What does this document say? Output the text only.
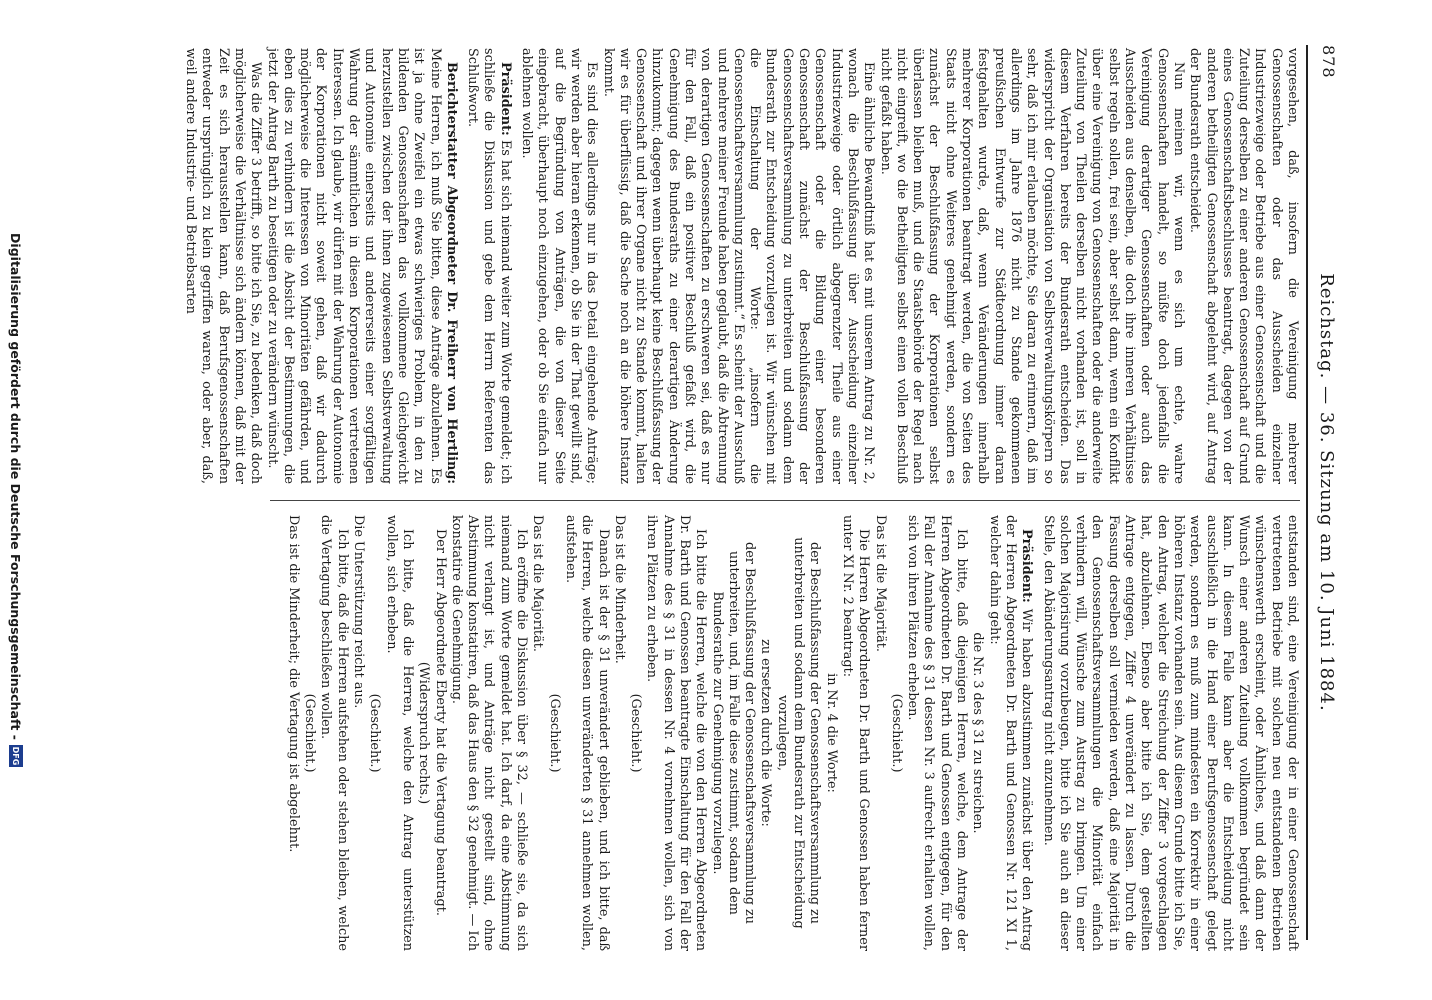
878
Reichstag. — 36. Sitzung am 10. Juni 1884.

vorgesehen, daß, insofern die Vereinigung mehrerer Genossenschaften oder das Ausscheiden einzelner Industriezweige oder Betriebe aus einer Genossenschaft und die Zuteilung derselben zu einer anderen Genossenschaft auf Grund eines Genossenschaftsbeschlusses beantragt, dagegen von der anderen betheiligten Genossenschaft abgelehnt wird, auf Antrag der Bundesrath entscheidet.

Nun meinen wir, wenn es sich um echte, wahre Genossenschaften handelt, so müßte doch jedenfalls die Vereinigung derartiger Genossenschaften oder auch das Ausscheiden aus denselben, die doch ihre inneren Verhältnisse selbst regeln sollen, frei sein, aber selbst dann, wenn ein Konflikt über eine Vereinigung von Genossenschaften oder die anderweite Zuteilung von Theilen derselben nicht vorhanden ist, soll in diesem Verfahren bereits der Bundesrath entscheiden. Das widerspricht der Organisation von Selbstverwaltungskörpern so sehr, daß ich mir erlauben möchte, Sie daran zu erinnern, daß im allerdings im Jahre 1876 nicht zu Stande gekommenen preußischen Entwurfe zur Städteordnung immer daran festgehalten wurde, daß, wenn Veränderungen innerhalb mehrerer Korporationen beantragt werden, die von Seiten des Staats nicht ohne Weiteres genehmigt werden, sondern es zunächst der Beschlußfassung der Korporationen selbst überlassen bleiben muß, und die Staatsbehörde der Regel nach nicht eingreift, wo die Betheiligten selbst einen vollen Beschluß nicht gefaßt haben.

Eine ähnliche Bewandtniß hat es mit unserem Antrag zu Nr. 2, wonach die Beschlußfassung über Ausscheidung einzelner Industriezweige oder örtlich abgegrenzter Theile aus einer Genossenschaft oder die Bildung einer besonderen Genossenschaft zunächst der Beschlußfassung der Genossenschaftsversammlung zu unterbreiten und sodann dem Bundesrath zur Entscheidung vorzulegen ist. Wir wünschen mit die Einschaltung der Worte: „insofern die Genossenschaftsversammlung zustimmt.“ Es scheint der Ausschuß und mehrere meiner Freunde haben geglaubt, daß die Abtrennung von derartigen Genossenschaften zu erschweren sei, daß es nur für den Fall, daß ein positiver Beschluß gefaßt wird, die Genehmigung des Bundesraths zu einer derartigen Änderung hinzukommt; dagegen wenn überhaupt keine Beschlußfassung der Genossenschaft und ihrer Organe nicht zu Stande kommt, halten wir es für überflüssig, daß die Sache noch an die höhere Instanz kommt.

Es sind dies allerdings nur in das Detail eingehende Anträge; wir werden aber hieran erkennen, ob Sie in der That gewillt sind, auf die Begründung von Anträgen, die von dieser Seite eingebracht, überhaupt noch einzugehen, oder ob Sie einfach nur ablehnen wollen.

Präsident: Es hat sich niemand weiter zum Worte gemeldet; ich schließe die Diskussion und gebe dem Herrn Referenten das Schlußwort.

Berichterstatter Abgeordneter Dr. Freiherr von Hertling: Meine Herren, ich muß Sie bitten, diese Anträge abzulehnen. Es ist ja ohne Zweifel ein etwas schwieriges Problem, in den zu bildenden Genossenschaften das vollkommene Gleichgewicht herzustellen zwischen der ihnen zugewiesenen Selbstverwaltung und Autonomie einerseits und andererseits einer sorgfältigen Wahrung der sämmtlichen in diesen Korporationen vertretenen Interessen. Ich glaube, wir dürfen mit der Wahrung der Autonomie der Korporationen nicht soweit gehen, daß wir dadurch möglicherweise die Interessen von Minoritäten gefährden, und eben dies zu verhindern ist die Absicht der Bestimmungen, die jetzt der Antrag Barth zu beseitigen oder zu verändern wünscht.

Was die Ziffer 3 betrifft, so bitte ich Sie, zu bedenken, daß doch möglicherweise die Verhältnisse sich ändern können, daß mit der Zeit es sich herausstellen kann, daß Berufsgenossenschaften entweder ursprünglich zu klein gegriffen waren, oder aber, daß, weil andere Industrie- und Betriebsarten

entstanden sind, eine Vereinigung der in einer Genossenschaft vertretenen Betriebe mit solchen neu entstandenen Betrieben wünschenswerth erscheint, oder Ähnliches, und daß dann der Wunsch einer anderen Zuteilung vollkommen begründet sein kann. In diesem Falle kann aber die Entscheidung nicht ausschließlich in die Hand einer Berufsgenossenschaft gelegt werden, sondern es muß zum mindesten ein Korrektiv in einer höheren Instanz vorhanden sein. Aus diesem Grunde bitte ich Sie, den Antrag, welcher die Streichung der Ziffer 3 vorgeschlagen hat, abzulehnen. Ebenso aber bitte ich Sie, dem gestellten Antrage entgegen, Ziffer 4 unverändert zu lassen. Durch die Fassung derselben soll vermieden werden, daß eine Majorität in den Genossenschaftsversammlungen die Minorität einfach verhindern will, Wünsche zum Austrag zu bringen. Um einer solchen Majorisirung vorzubeugen, bitte ich Sie auch an dieser Stelle, den Abänderungsantrag nicht anzunehmen.

Präsident: Wir haben abzustimmen zunächst über den Antrag der Herren Abgeordneten Dr. Barth und Genossen Nr. 121 XI 1, welcher dahin geht:

die Nr. 3 des § 31 zu streichen.

Ich bitte, daß diejenigen Herren, welche, dem Antrage der Herren Abgeordneten Dr. Barth und Genossen entgegen, für den Fall der Annahme des § 31 dessen Nr. 3 aufrecht erhalten wollen, sich von ihren Plätzen erheben.

(Geschieht.)

Das ist die Majorität.

Die Herren Abgeordneten Dr. Barth und Genossen haben ferner unter XI Nr. 2 beantragt:

in Nr. 4 die Worte:

der Beschlußfassung der Genossenschaftsversammlung zu unterbreiten und sodann dem Bundesrath zur Entscheidung vorzulegen,

zu ersetzen durch die Worte:

der Beschlußfassung der Genossenschaftsversammlung zu unterbreiten, und, im Falle diese zustimmt, sodann dem Bundesrathe zur Genehmigung vorzulegen.

Ich bitte die Herren, welche die von den Herren Abgeordneten Dr. Barth und Genossen beantragte Einschaltung für den Fall der Annahme des § 31 in dessen Nr. 4 vornehmen wollen, sich von ihren Plätzen zu erheben.

(Geschieht.)

Das ist die Minderheit.

Danach ist der § 31 unverändert geblieben, und ich bitte, daß die Herren, welche diesen unveränderten § 31 annehmen wollen, aufstehen.

(Geschieht.)

Das ist die Majorität.

Ich eröffne die Diskussion über § 32, — schließe sie, da sich niemand zum Worte gemeldet hat. Ich darf, da eine Abstimmung nicht verlangt ist, und Anträge nicht gestellt sind, ohne Abstimmung konstatiren, daß das Haus den § 32 genehmigt. — Ich konstatire die Genehmigung.

Der Herr Abgeordnete Eberty hat die Vertagung beantragt.

(Widerspruch rechts.)

Ich bitte, daß die Herren, welche den Antrag unterstützen wollen, sich erheben.

(Geschieht.)

Die Unterstützung reicht aus.

Ich bitte, daß die Herren aufstehen oder stehen bleiben, welche die Vertagung beschließen wollen.

(Geschieht.)

Das ist die Minderheit; die Vertagung ist abgelehnt.

Digitalisierung gefördert durch die Deutsche Forschungsgemeinschaft -
DFG
